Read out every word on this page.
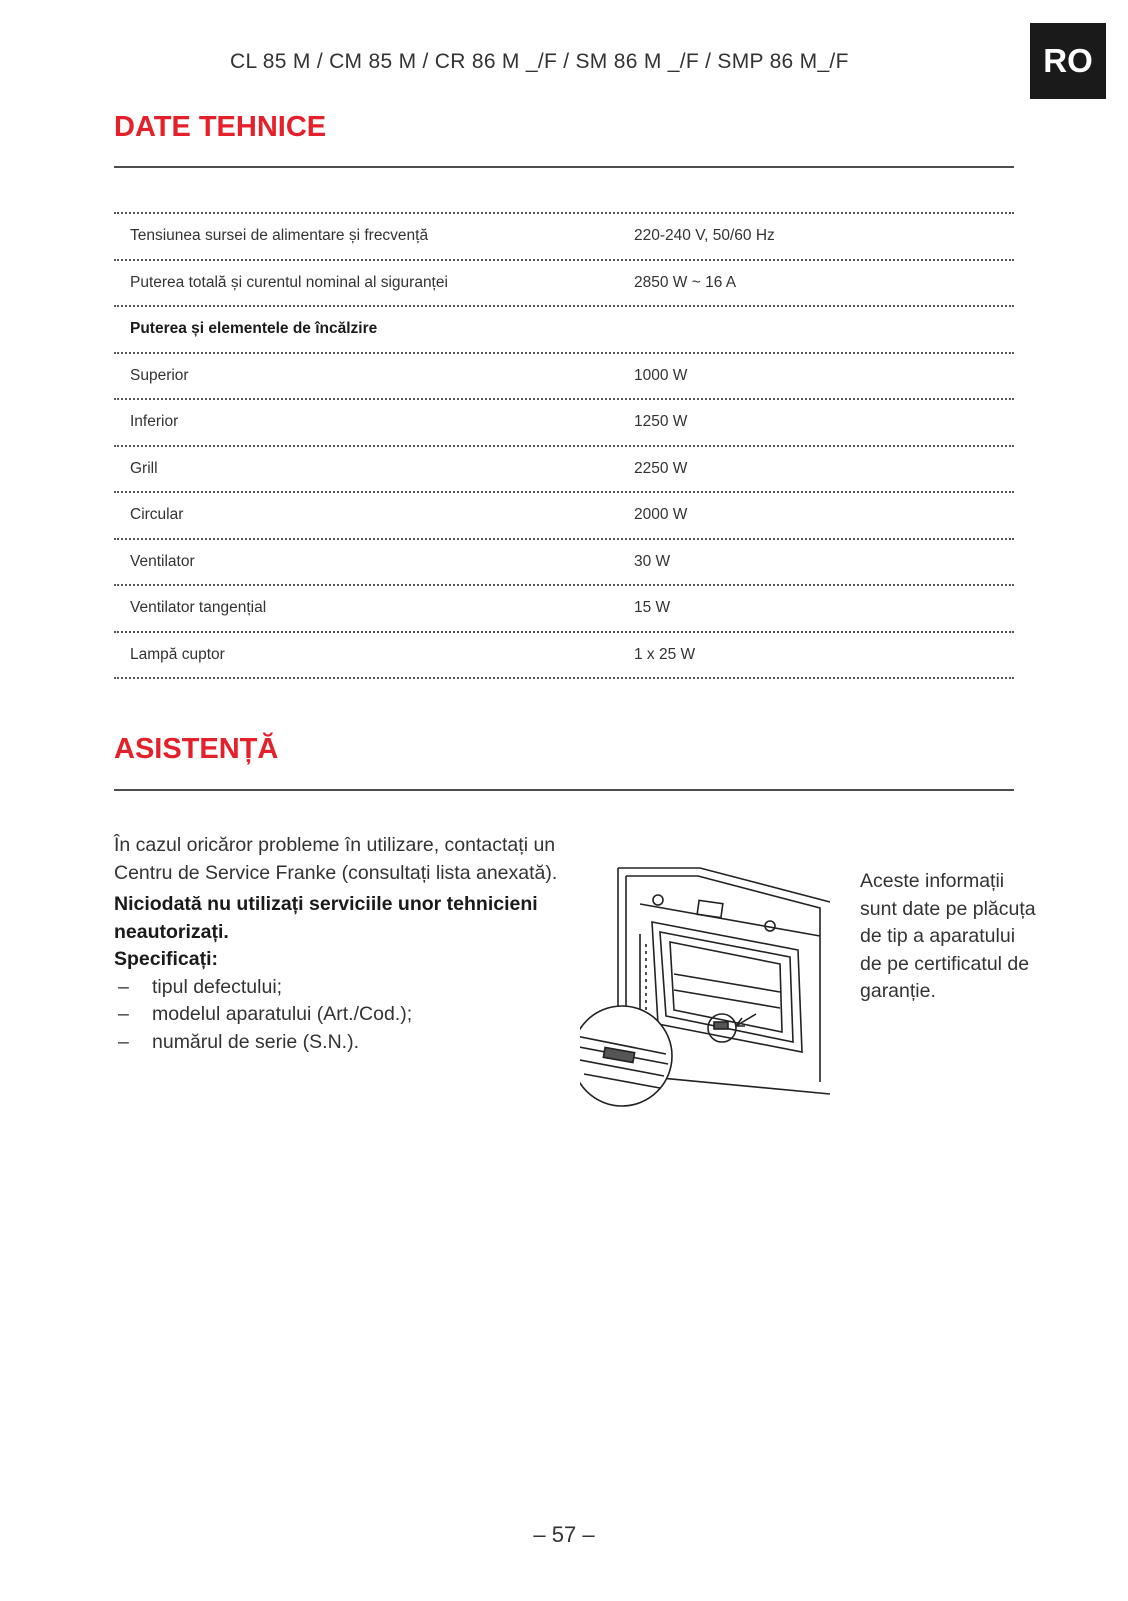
CL 85 M / CM 85 M / CR 86 M _/F / SM 86 M _/F / SMP 86 M_/F	RO
DATE TEHNICE
Tensiunea sursei de alimentare și frecvență	220-240 V, 50/60 Hz
Puterea totală și curentul nominal al siguranței	2850 W ~ 16 A
Puterea și elementele de încălzire
Superior	1000 W
Inferior	1250 W
Grill	2250 W
Circular	2000 W
Ventilator	30 W
Ventilator tangențial	15 W
Lampă cuptor	1 x 25 W
ASISTENȚĂ

În cazul oricăror probleme în utilizare, contactați un Centru de Service Franke (consultați lista anexată).

Niciodată nu utilizați serviciile unor tehnicieni neautorizați.

Specificați:

– tipul defectului;
– modelul aparatului (Art./Cod.);
– numărul de serie (S.N.).
Aceste informații sunt date pe plăcuța de tip a aparatului de pe certificatul de garanție.
– 57 –
